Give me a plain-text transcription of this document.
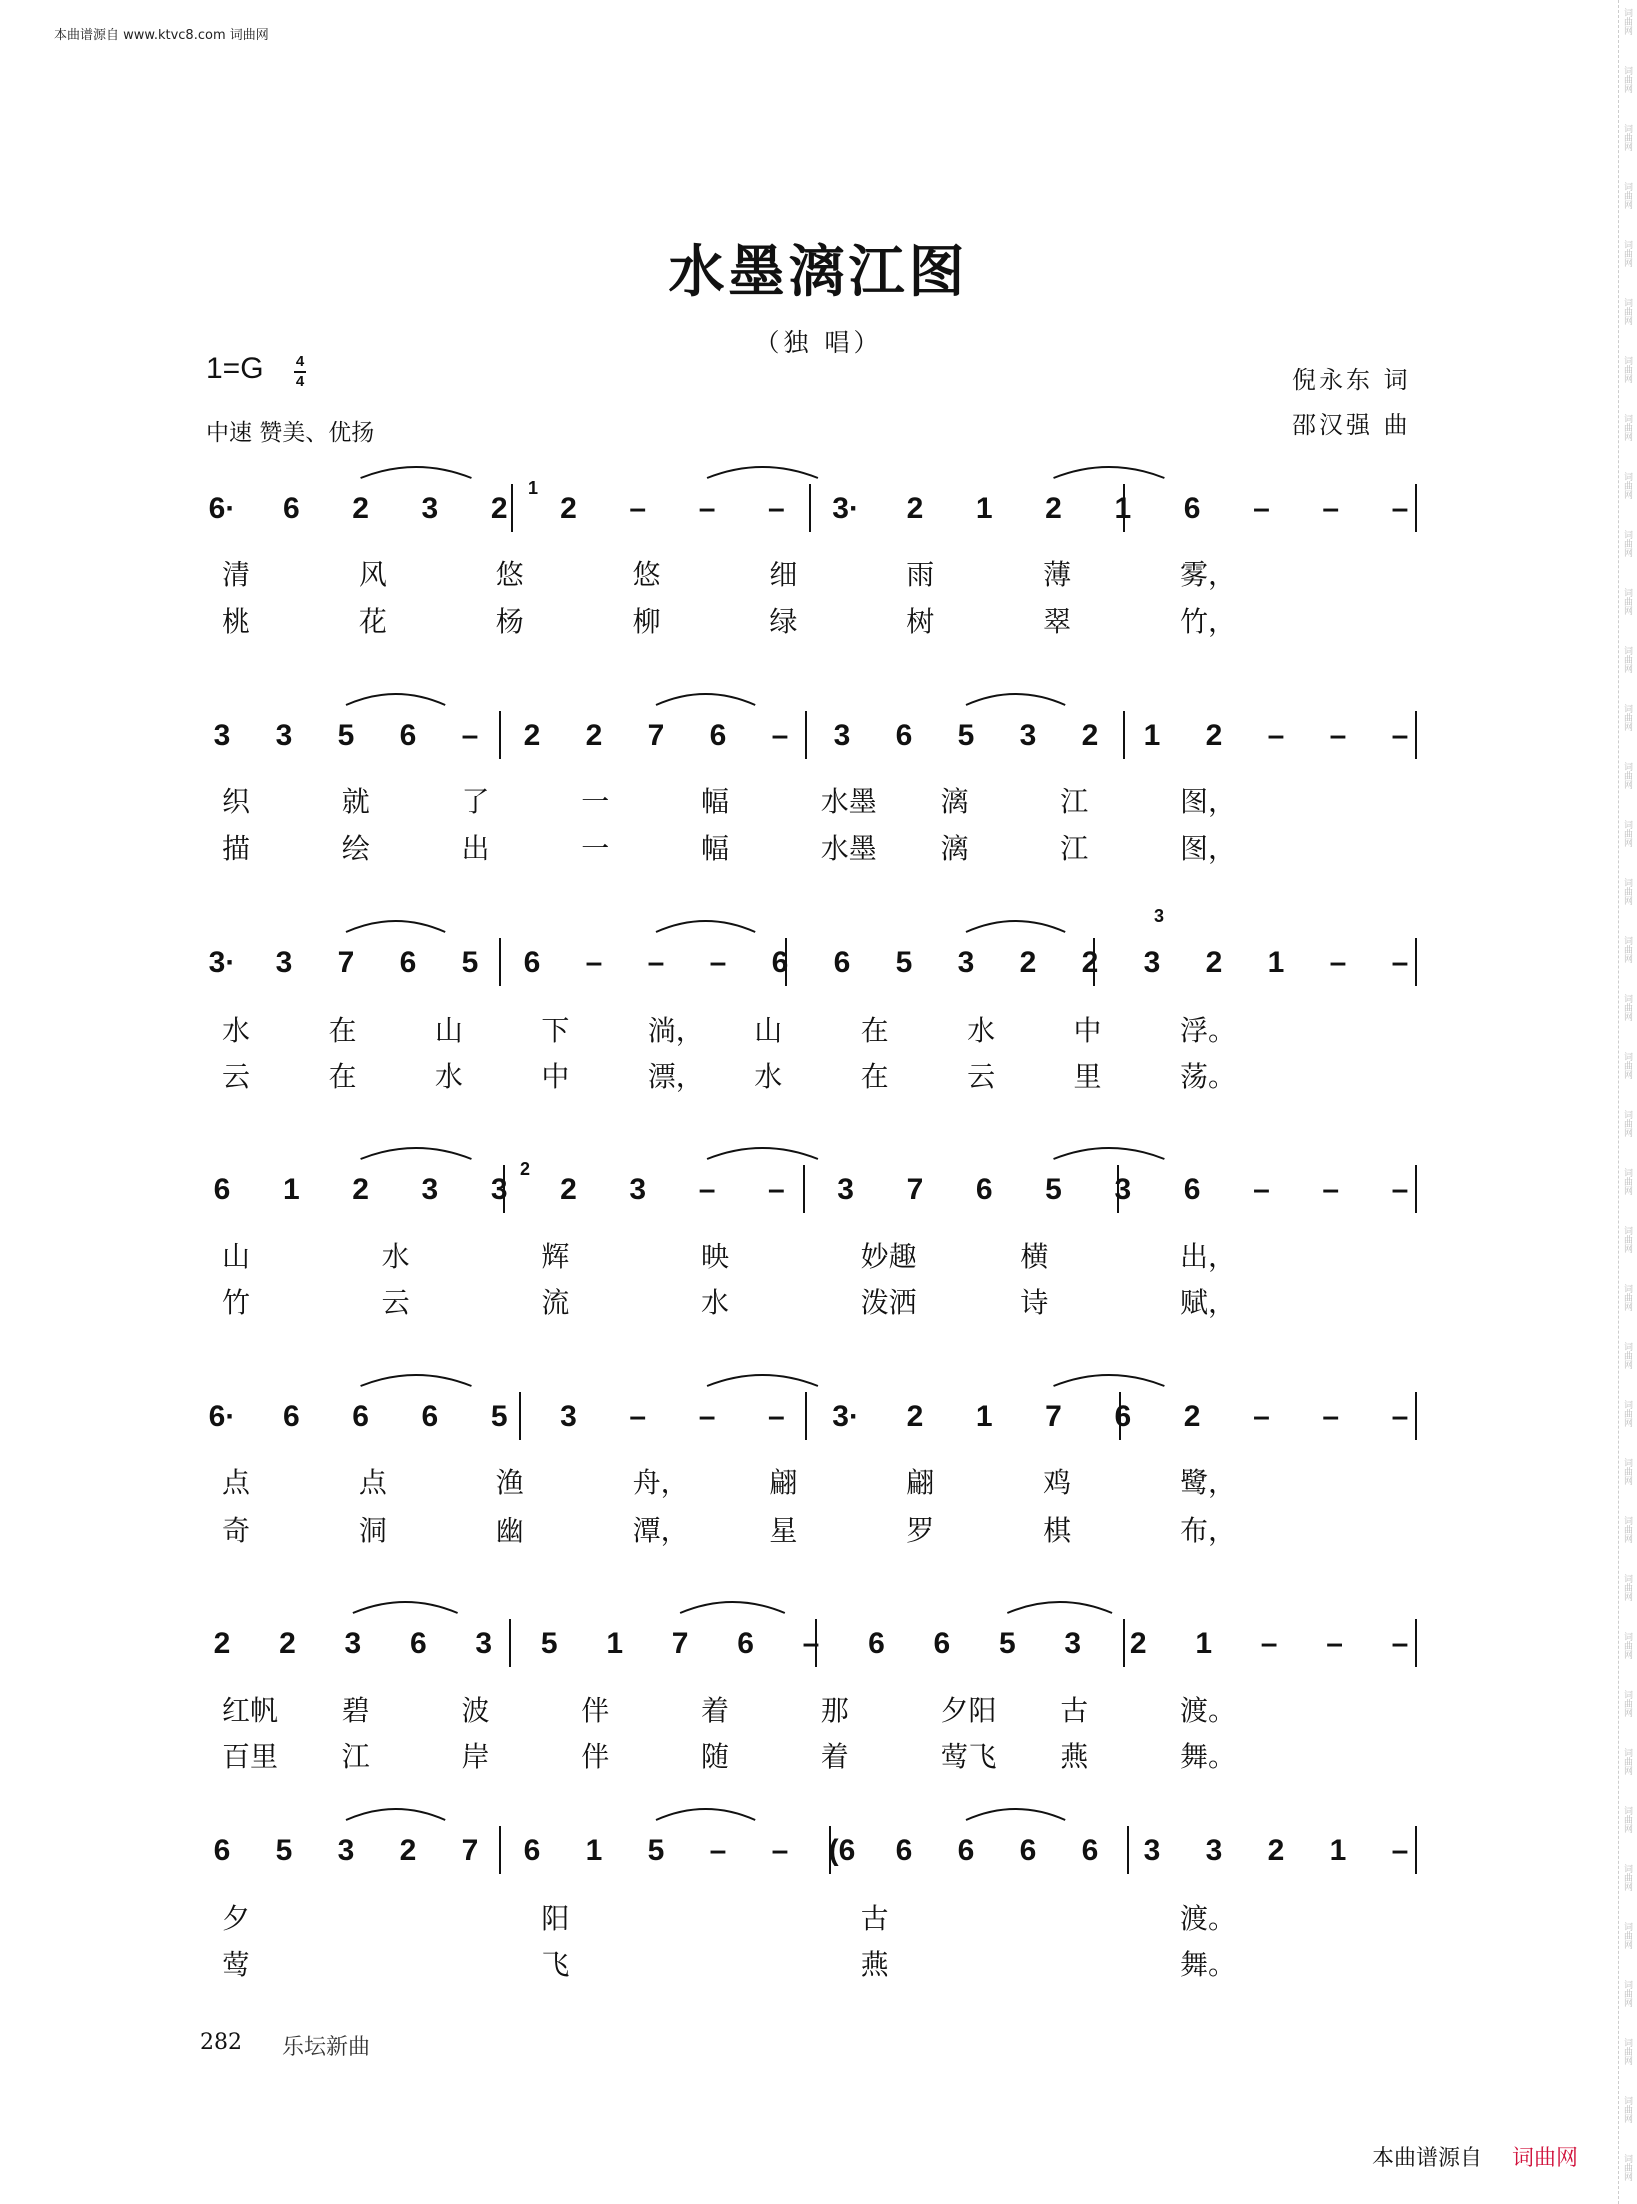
本曲谱源自 www.ktvc8.com 词曲网
词曲网
词曲网
词曲网
词曲网
词曲网
词曲网
词曲网
词曲网
词曲网
词曲网
词曲网
词曲网
词曲网
词曲网
词曲网
词曲网
词曲网
词曲网
词曲网
词曲网
词曲网
词曲网
词曲网
词曲网
词曲网
词曲网
词曲网
词曲网
词曲网
词曲网
词曲网
词曲网
词曲网
词曲网
词曲网
词曲网
词曲网
词曲网
水墨漓江图
（独 唱）
1=G 4
4
中速 赞美、优扬
倪永东 词
邵汉强 曲
6· 6 2 3 2 2 – – – 3· 2 1 2 1 6 – – –
1
清	风	悠	悠	细	雨	薄	雾，
桃	花	杨	柳	绿	树	翠	竹，
3 3 5 6 – 2 2 7 6 – 3 6 5 3 2 1 2 – – –
织	就	了	一	幅	水墨 漓	江	图，
描	绘	出	一	幅	水墨 漓	江	图，
3· 3 7 6 5 6 – – – 6 6 5 3 2 2 3 2 1 – –
3
水	在	山	下	淌， 山	在	水	中	浮。
云	在	水	中	漂， 水	在	云	里	荡。
6 1 2 3 3 2 3 – – 3 7 6 5 3 6 – – –
2
山	水	辉	映	妙趣	横	出，
竹	云	流	水	泼洒	诗	赋，
6· 6 6 6 5 3 – – – 3· 2 1 7 6 2 – – –
点	点	渔	舟，	翩	翩	鸡	鹭，
奇	洞	幽	潭，	星	罗	棋	布，
2 2 3 6 3 5 1 7 6 – 6 6 5 3 2 1 – – –
红帆 碧	波	伴	着	那	夕阳 古	渡。
百里 江	岸	伴	随	着	莺飞 燕	舞。
6 5 3 2 7 6 1 5 – – (6 6 6 6 6 3 3 2 1 –
夕	阳	古	渡。
莺	飞	燕	舞。
282 乐坛新曲
本曲谱源自 词曲网
